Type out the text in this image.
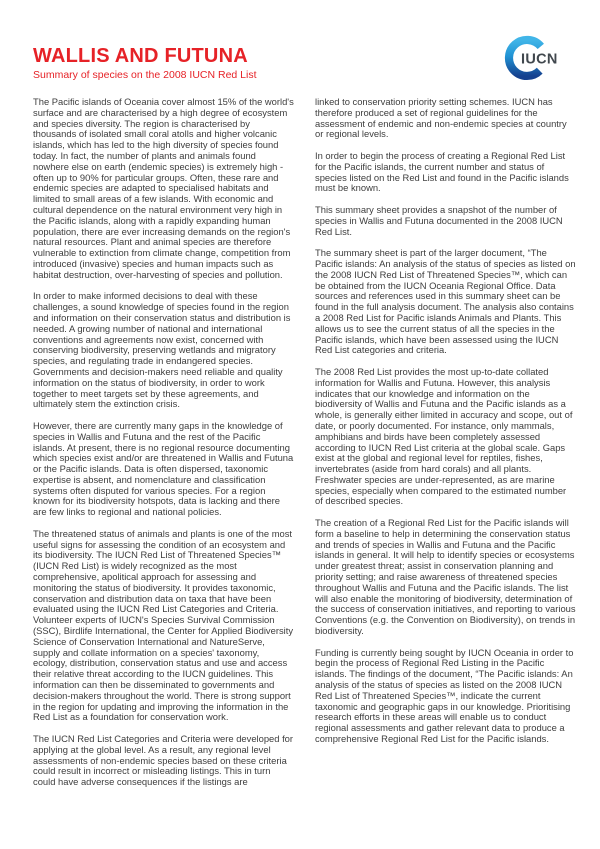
WALLIS AND FUTUNA
Summary of species on the 2008 IUCN Red List
IUCN

The Pacific islands of Oceania cover almost 15% of the world's surface and are characterised by a high degree of ecosystem and species diversity. The region is characterised by thousands of isolated small coral atolls and higher volcanic islands, which has led to the high diversity of species found today. In fact, the number of plants and animals found nowhere else on earth (endemic species) is extremely high - often up to 90% for particular groups. Often, these rare and endemic species are adapted to specialised habitats and limited to small areas of a few islands. With economic and cultural dependence on the natural environment very high in the Pacific islands, along with a rapidly expanding human population, there are ever increasing demands on the region's natural resources. Plant and animal species are therefore vulnerable to extinction from climate change, competition from introduced (invasive) species and human impacts such as habitat destruction, over-harvesting of species and pollution.

In order to make informed decisions to deal with these challenges, a sound knowledge of species found in the region and information on their conservation status and distribution is needed. A growing number of national and international conventions and agreements now exist, concerned with conserving biodiversity, preserving wetlands and migratory species, and regulating trade in endangered species. Governments and decision-makers need reliable and quality information on the status of biodiversity, in order to work together to meet targets set by these agreements, and ultimately stem the extinction crisis.

However, there are currently many gaps in the knowledge of species in Wallis and Futuna and the rest of the Pacific islands. At present, there is no regional resource documenting which species exist and/or are threatened in Wallis and Futuna or the Pacific islands. Data is often dispersed, taxonomic expertise is absent, and nomenclature and classification systems often disputed for various species. For a region known for its biodiversity hotspots, data is lacking and there are few links to regional and national policies.

The threatened status of animals and plants is one of the most useful signs for assessing the condition of an ecosystem and its biodiversity. The IUCN Red List of Threatened Species™ (IUCN Red List) is widely recognized as the most comprehensive, apolitical approach for assessing and monitoring the status of biodiversity. It provides taxonomic, conservation and distribution data on taxa that have been evaluated using the IUCN Red List Categories and Criteria. Volunteer experts of IUCN's Species Survival Commission (SSC), Birdlife International, the Center for Applied Biodiversity Science of Conservation International and NatureServe, supply and collate information on a species' taxonomy, ecology, distribution, conservation status and use and access their relative threat according to the IUCN guidelines. This information can then be disseminated to governments and decision-makers throughout the world. There is strong support in the region for updating and improving the information in the Red List as a foundation for conservation work.

The IUCN Red List Categories and Criteria were developed for applying at the global level. As a result, any regional level assessments of non-endemic species based on these criteria could result in incorrect or misleading listings. This in turn could have adverse consequences if the listings are

linked to conservation priority setting schemes. IUCN has therefore produced a set of regional guidelines for the assessment of endemic and non-endemic species at country or regional levels.

In order to begin the process of creating a Regional Red List for the Pacific islands, the current number and status of species listed on the Red List and found in the Pacific islands must be known.

This summary sheet provides a snapshot of the number of species in Wallis and Futuna documented in the 2008 IUCN Red List.

The summary sheet is part of the larger document, “The Pacific islands: An analysis of the status of species as listed on the 2008 IUCN Red List of Threatened Species™, which can be obtained from the IUCN Oceania Regional Office. Data sources and references used in this summary sheet can be found in the full analysis document. The analysis also contains a 2008 Red List for Pacific islands Animals and Plants. This allows us to see the current status of all the species in the Pacific islands, which have been assessed using the IUCN Red List categories and criteria.

The 2008 Red List provides the most up-to-date collated information for Wallis and Futuna. However, this analysis indicates that our knowledge and information on the biodiversity of Wallis and Futuna and the Pacific islands as a whole, is generally either limited in accuracy and scope, out of date, or poorly documented. For instance, only mammals, amphibians and birds have been completely assessed according to IUCN Red List criteria at the global scale. Gaps exist at the global and regional level for reptiles, fishes, invertebrates (aside from hard corals) and all plants. Freshwater species are under-represented, as are marine species, especially when compared to the estimated number of described species.

The creation of a Regional Red List for the Pacific islands will form a baseline to help in determining the conservation status and trends of species in Wallis and Futuna and the Pacific islands in general. It will help to identify species or ecosystems under greatest threat; assist in conservation planning and priority setting; and raise awareness of threatened species throughout Wallis and Futuna and the Pacific islands. The list will also enable the monitoring of biodiversity, determination of the success of conservation initiatives, and reporting to various Conventions (e.g. the Convention on Biodiversity), on trends in biodiversity.

Funding is currently being sought by IUCN Oceania in order to begin the process of Regional Red Listing in the Pacific islands. The findings of the document, “The Pacific islands: An analysis of the status of species as listed on the 2008 IUCN Red List of Threatened Species™, indicate the current taxonomic and geographic gaps in our knowledge. Prioritising research efforts in these areas will enable us to conduct regional assessments and gather relevant data to produce a comprehensive Regional Red List for the Pacific islands.
